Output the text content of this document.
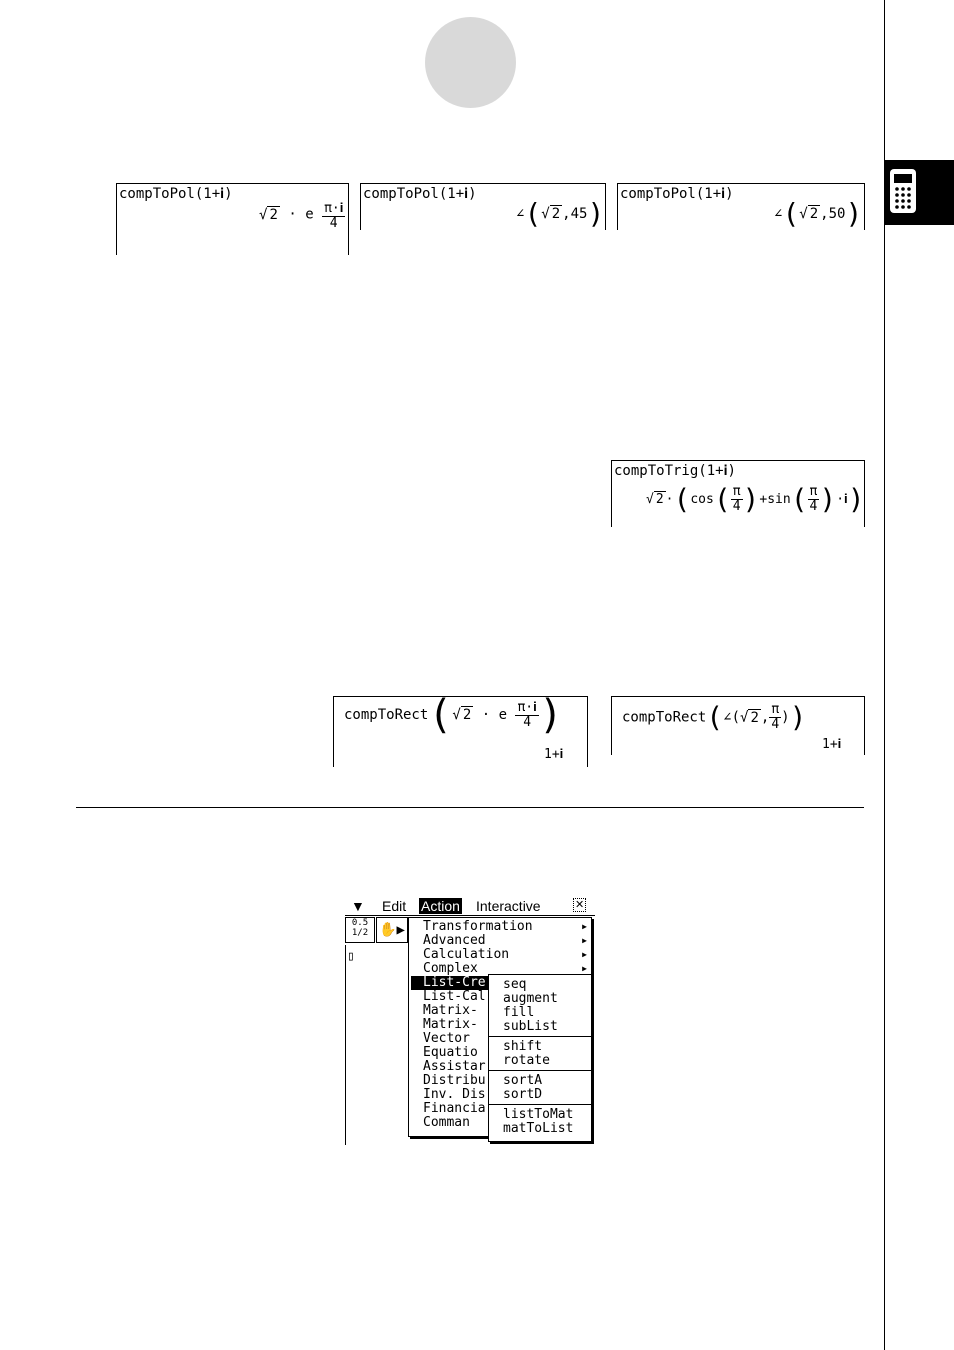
compToPol(1+𝐢)
√ 2 · e π·𝐢
4
compToPol(1+𝐢)
∠(√ 2 ,45)
compToPol(1+𝐢)
∠(√ 2 ,50)
compToTrig(1+𝐢)
√ $2 \cdot(\cos( \frac{\pi}{4} )+\sin( \frac{\pi}{4}$ )·𝐢)
compToRect(√ 2 · e π·𝐢
4 )
1+𝐢
compToRect(∠(√ 2 , $\frac{\pi}{4}$ ))
1+𝐢
▼ Edit Action Interactive	✕
0.5
1/2 ✋▶
▯
Transformation	▶
Advanced	▶
Calculation	▶
Complex	▶
List-Cre
List-Cal
Matrix-
Matrix-
Vector
Equatio
Assistar
Distribu
Inv. Dis
Financia
Comman
seq
augment
fill
subList
shift
rotate
sortA
sortD
listToMat
matToList
